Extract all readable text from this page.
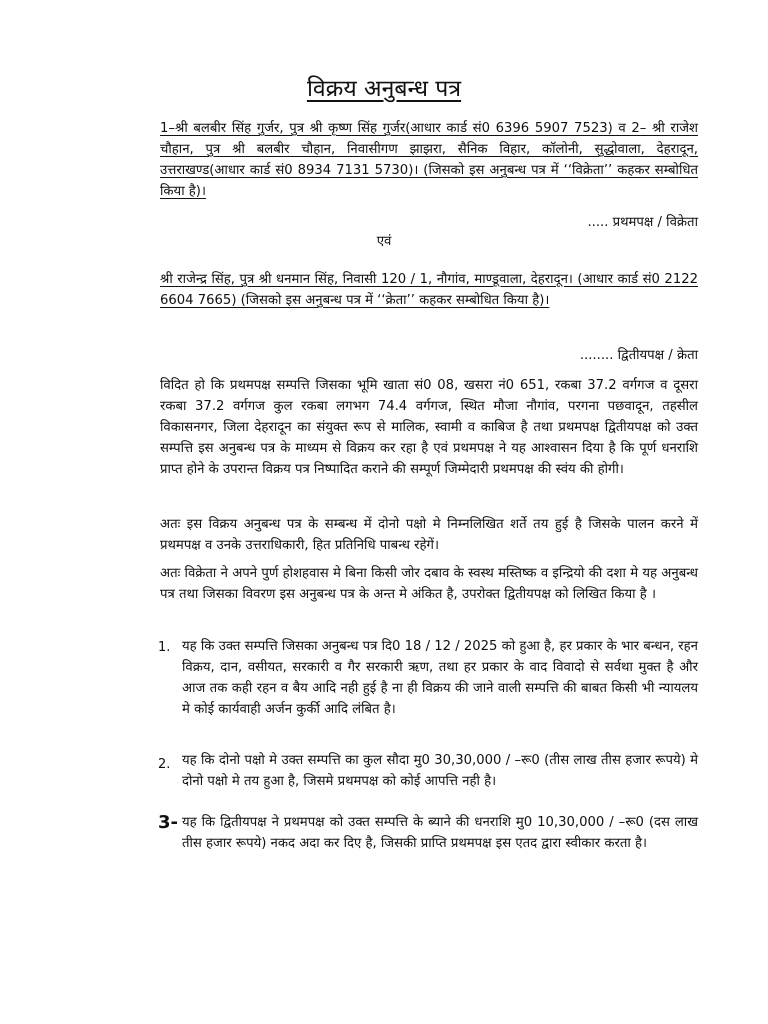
विक्रय अनुबन्ध पत्र

1–श्री बलबीर सिंह गुर्जर, पुत्र श्री कृष्ण सिंह गुर्जर(आधार कार्ड सं0 6396 5907 7523) व 2– श्री राजेश चौहान, पुत्र श्री बलबीर चौहान, निवासीगण झाझरा, सैनिक विहार, कॉलोनी, सुद्धोवाला, देहरादून, उत्तराखण्ड(आधार कार्ड सं0 8934 7131 5730)। (जिसको इस अनुबन्ध पत्र में ‘‘विक्रेता’’ कहकर सम्बोधित किया है)।

..... प्रथमपक्ष / विक्रेता
एवं

श्री राजेन्द्र सिंह, पुत्र श्री धनमान सिंह, निवासी 120 / 1, नौगांव, माण्डूवाला, देहरादून। (आधार कार्ड सं0 2122 6604 7665) (जिसको इस अनुबन्ध पत्र में ‘‘क्रेता’’ कहकर सम्बोधित किया है)।

........ द्वितीयपक्ष / क्रेता

विदित हो कि प्रथमपक्ष सम्पत्ति जिसका भूमि खाता सं0 08, खसरा नं0 651, रकबा 37.2 वर्गगज व दूसरा रकबा 37.2 वर्गगज कुल रकबा लगभग 74.4 वर्गगज, स्थित मौजा नौगांव, परगना पछवादून, तहसील विकासनगर, जिला देहरादून का संयुक्त रूप से मालिक, स्वामी व काबिज है तथा प्रथमपक्ष द्वितीयपक्ष को उक्त सम्पत्ति इस अनुबन्ध पत्र के माध्यम से विक्रय कर रहा है एवं प्रथमपक्ष ने यह आश्वासन दिया है कि पूर्ण धनराशि प्राप्त होने के उपरान्त विक्रय पत्र निष्पादित कराने की सम्पूर्ण जिम्मेदारी प्रथमपक्ष की स्वंय की होगी।

अतः इस विक्रय अनुबन्ध पत्र के सम्बन्ध में दोनो पक्षो मे निम्नलिखित शर्ते तय हुई है जिसके पालन करने में प्रथमपक्ष व उनके उत्तराधिकारी, हित प्रतिनिधि पाबन्ध रहेगें।

अतः विक्रेता ने अपने पुर्ण होशहवास मे बिना किसी जोर दबाव के स्वस्थ मस्तिष्क व इन्द्रियो की दशा मे यह अनुबन्ध पत्र तथा जिसका विवरण इस अनुबन्ध पत्र के अन्त मे अंकित है, उपरोक्त द्वितीयपक्ष को लिखित किया है ।

1. यह कि उक्त सम्पत्ति जिसका अनुबन्ध पत्र दि0 18 / 12 / 2025 को हुआ है, हर प्रकार के भार बन्धन, रहन विक्रय, दान, वसीयत, सरकारी व गैर सरकारी ऋण, तथा हर प्रकार के वाद विवादो से सर्वथा मुक्त है और आज तक कही रहन व बैय आदि नही हुई है ना ही विक्रय की जाने वाली सम्पत्ति की बाबत किसी भी न्यायलय मे कोई कार्यवाही अर्जन कुर्की आदि लंबित है।

2. यह कि दोनो पक्षो मे उक्त सम्पत्ति का कुल सौदा मु0 30,30,000 / –रू0 (तीस लाख तीस हजार रूपये) मे दोनो पक्षो मे तय हुआ है, जिसमे प्रथमपक्ष को कोई आपत्ति नही है।

3- यह कि द्वितीयपक्ष ने प्रथमपक्ष को उक्त सम्पत्ति के ब्याने की धनराशि मु0 10,30,000 / –रू0 (दस लाख तीस हजार रूपये) नकद अदा कर दिए है, जिसकी प्राप्ति प्रथमपक्ष इस एतद द्वारा स्वीकार करता है।
